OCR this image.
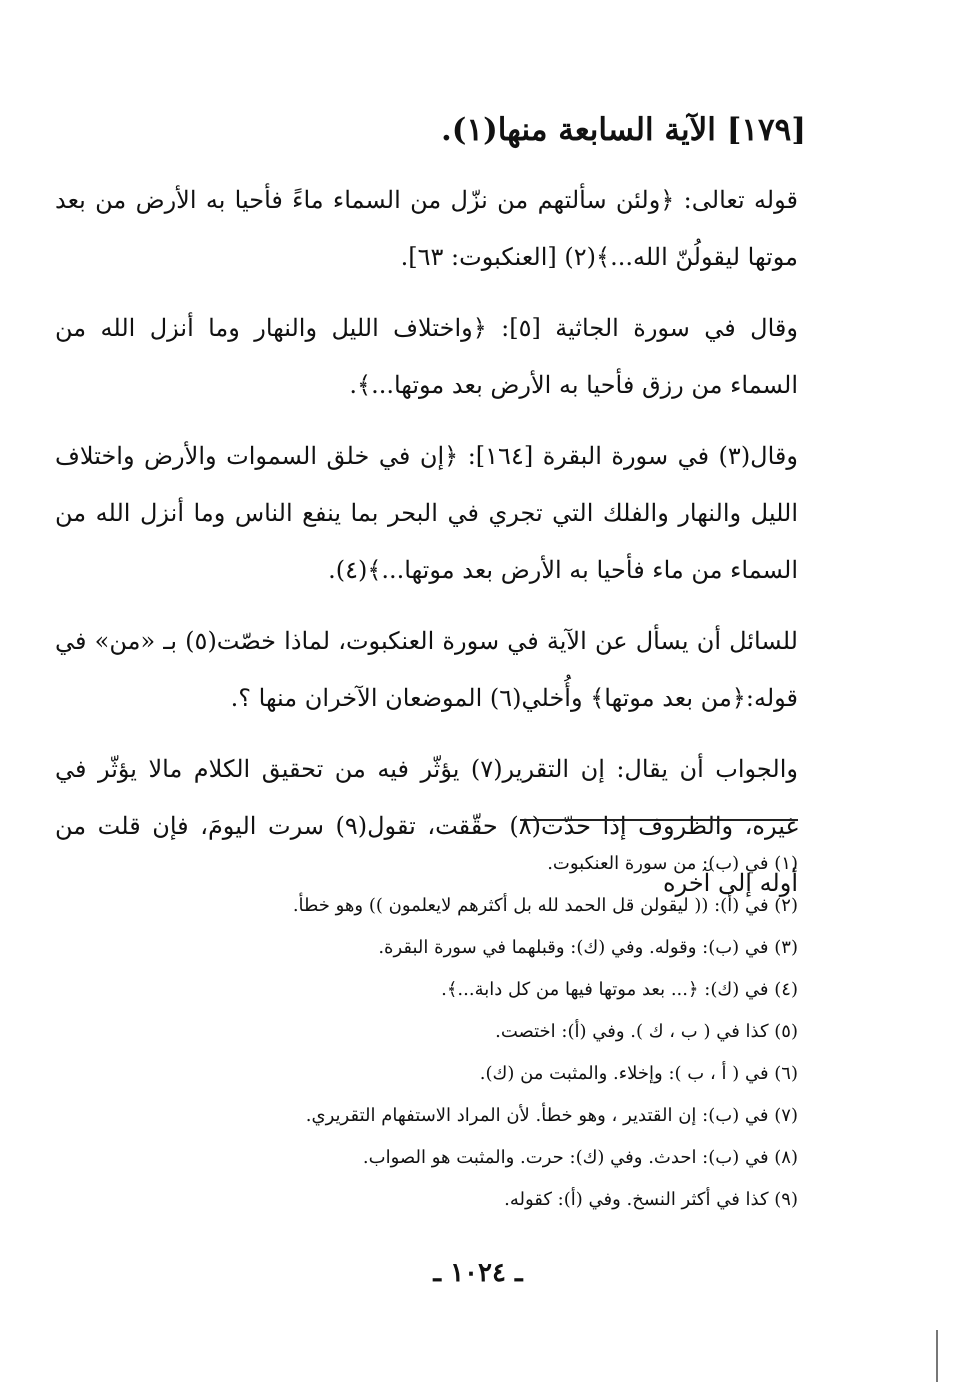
[١٧٩] الآية السابعة منها(١).

قوله تعالى: ﴿ولئن سألتهم من نزّل من السماء ماءً فأحيا به الأرض من بعد موتها ليقولُنّ الله...﴾(٢) [العنكبوت: ٦٣].

وقال في سورة الجاثية [٥]: ﴿واختلاف الليل والنهار وما أنزل الله من السماء من رزق فأحيا به الأرض بعد موتها...﴾.

وقال(٣) في سورة البقرة [١٦٤]: ﴿إن في خلق السموات والأرض واختلاف الليل والنهار والفلك التي تجري في البحر بما ينفع الناس وما أنزل الله من السماء من ماء فأحيا به الأرض بعد موتها...﴾(٤).

للسائل أن يسأل عن الآية في سورة العنكبوت، لماذا خصّت(٥) بـ «من» في قوله:﴿من بعد موتها﴾ وأُخلي(٦) الموضعان الآخران منها ؟.

والجواب أن يقال: إن التقرير(٧) يؤثّر فيه من تحقيق الكلام مالا يؤثّر في غيره، والظروف إذا حدّت(٨) حقّقت، تقول(٩) سرت اليومَ، فإن قلت من أوله إلى آخره

(١) في (ب): من سورة العنكبوت.

(٢) في (أ): (( ليقولن قل الحمد لله بل أكثرهم لايعلمون )) وهو خطأ.

(٣) في (ب): وقوله. وفي (ك): وقبلهما في سورة البقرة.

(٤) في (ك): ﴿... بعد موتها فيها من كل دابة...﴾.

(٥) كذا في ( ب ، ك ). وفي (أ): اختصت.

(٦) في ( أ ، ب ): وإخلاء. والمثبت من (ك).

(٧) في (ب): إن القتدير ، وهو خطأ. لأن المراد الاستفهام التقريري.

(٨) في (ب): احدث. وفي (ك): حرت. والمثبت هو الصواب.

(٩) كذا في أكثر النسخ. وفي (أ): كقوله.

ـ ١٠٢٤ ـ
